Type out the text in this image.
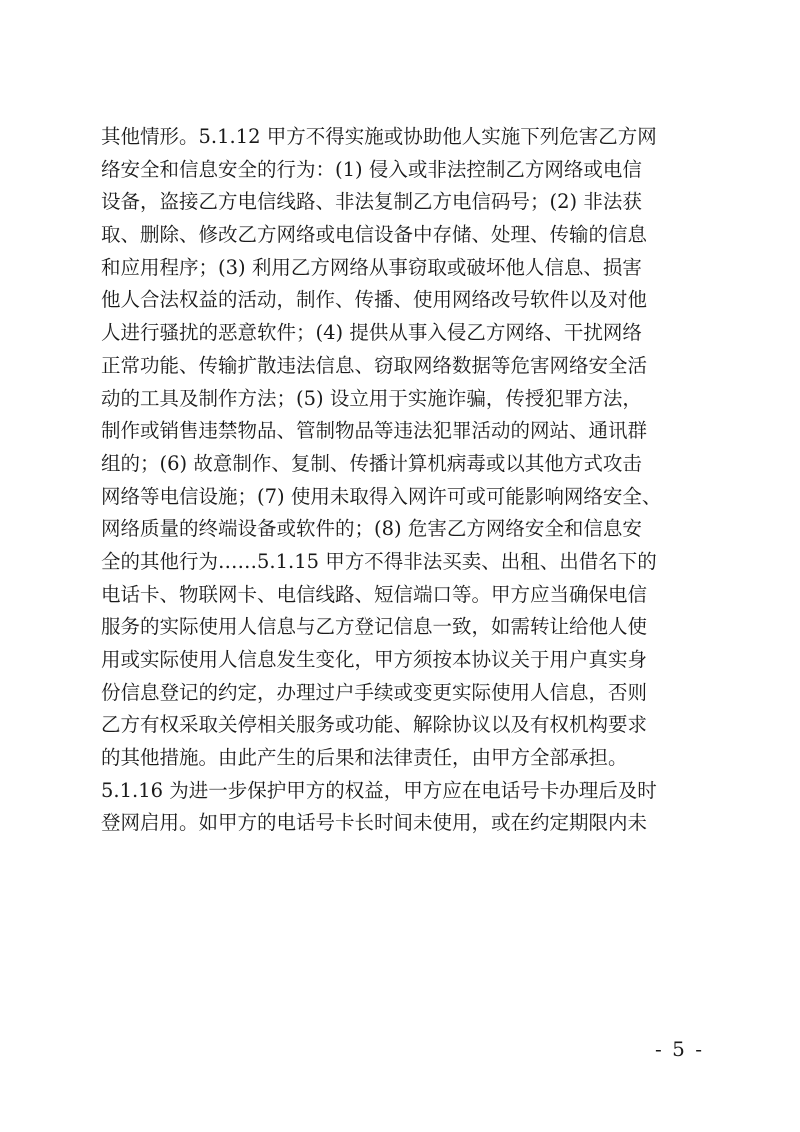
其他情形。5.1.12 甲方不得实施或协助他人实施下列危害乙方网
络安全和信息安全的行为：(1) 侵入或非法控制乙方网络或电信
设备，盗接乙方电信线路、非法复制乙方电信码号；(2) 非法获
取、删除、修改乙方网络或电信设备中存储、处理、传输的信息
和应用程序；(3) 利用乙方网络从事窃取或破坏他人信息、损害
他人合法权益的活动，制作、传播、使用网络改号软件以及对他
人进行骚扰的恶意软件；(4) 提供从事入侵乙方网络、干扰网络
正常功能、传输扩散违法信息、窃取网络数据等危害网络安全活
动的工具及制作方法；(5) 设立用于实施诈骗，传授犯罪方法，
制作或销售违禁物品、管制物品等违法犯罪活动的网站、通讯群
组的；(6) 故意制作、复制、传播计算机病毒或以其他方式攻击
网络等电信设施；(7) 使用未取得入网许可或可能影响网络安全、
网络质量的终端设备或软件的；(8) 危害乙方网络安全和信息安
全的其他行为……5.1.15 甲方不得非法买卖、出租、出借名下的
电话卡、物联网卡、电信线路、短信端口等。甲方应当确保电信
服务的实际使用人信息与乙方登记信息一致，如需转让给他人使
用或实际使用人信息发生变化，甲方须按本协议关于用户真实身
份信息登记的约定，办理过户手续或变更实际使用人信息，否则
乙方有权采取关停相关服务或功能、解除协议以及有权机构要求
的其他措施。由此产生的后果和法律责任，由甲方全部承担。
5.1.16 为进一步保护甲方的权益，甲方应在电话号卡办理后及时
登网启用。如甲方的电话号卡长时间未使用，或在约定期限内未
- 5 -
